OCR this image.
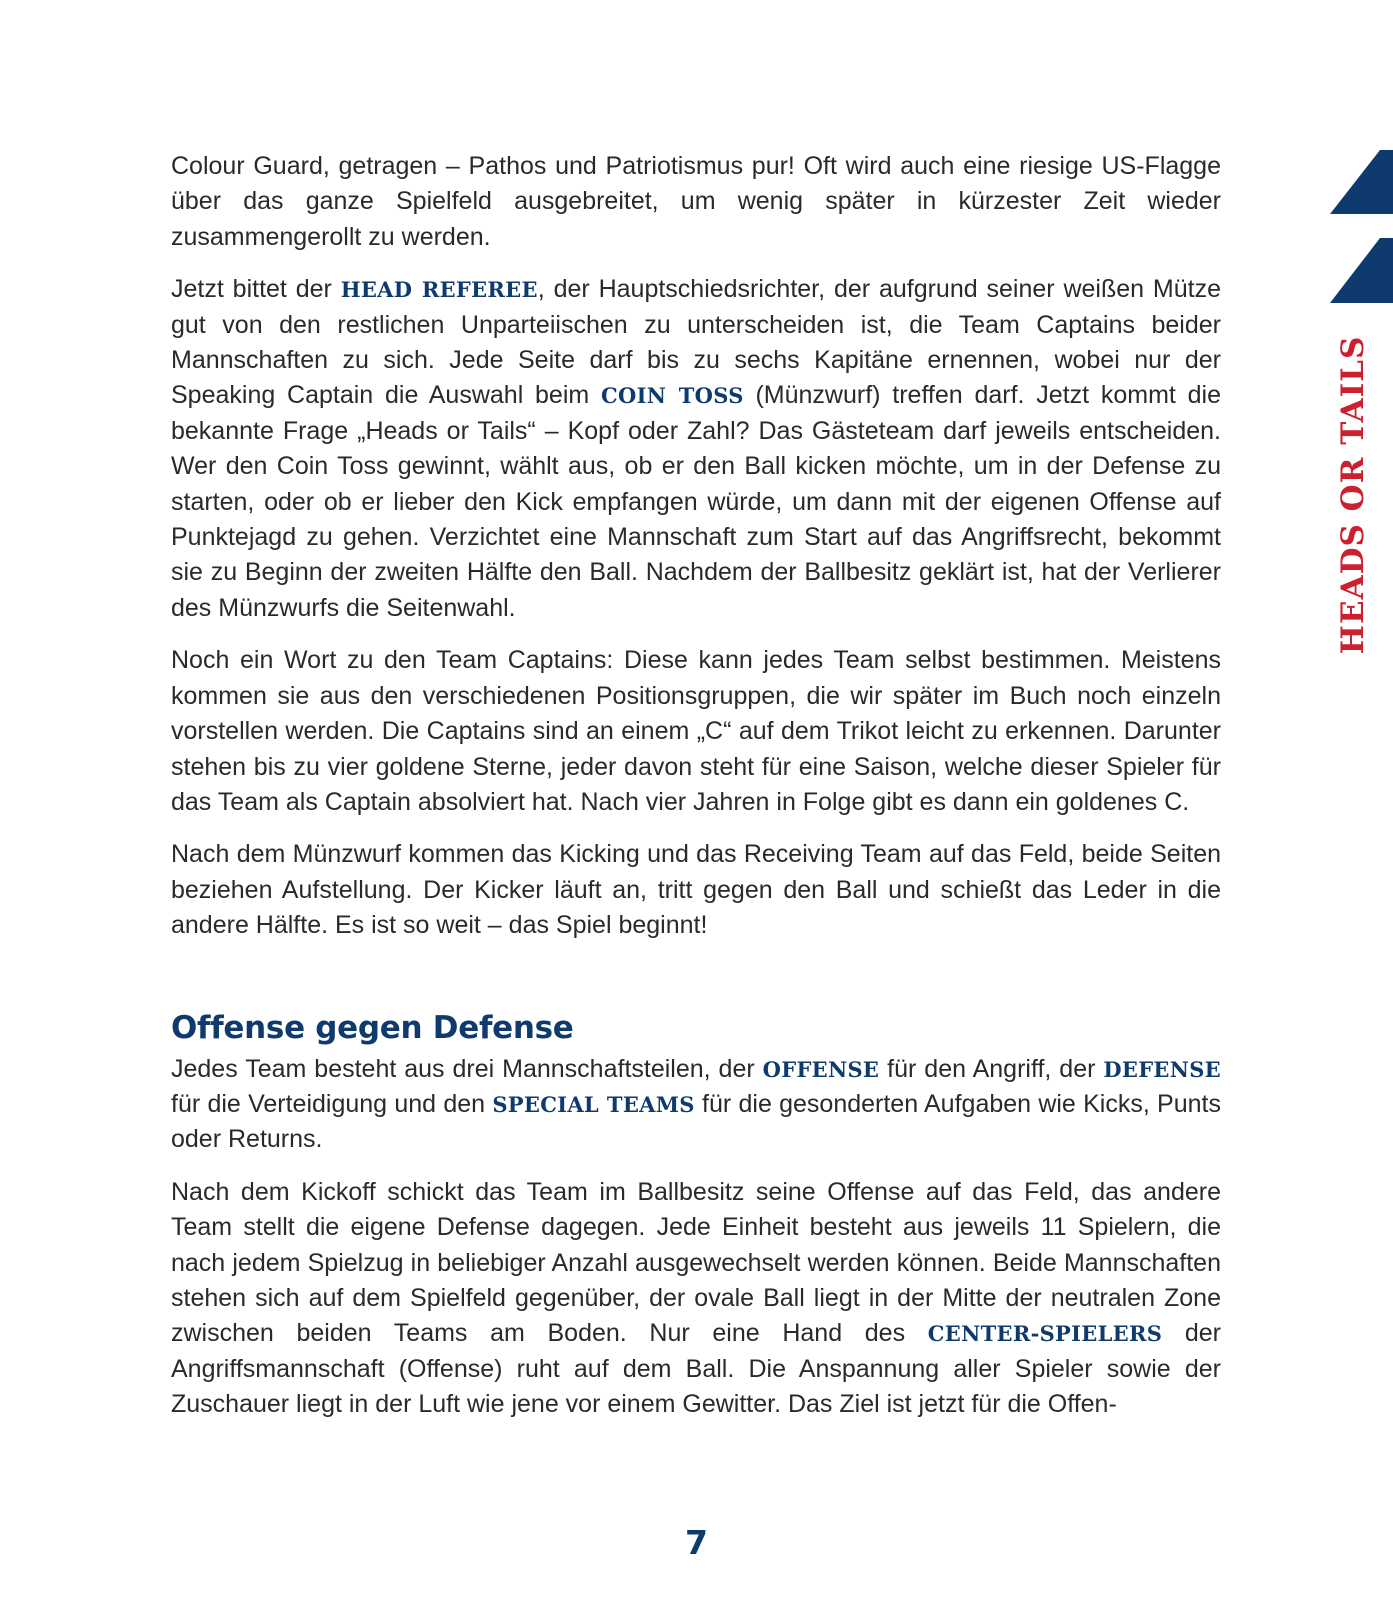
HEADS OR TAILS

Colour Guard, getragen – Pathos und Patriotismus pur! Oft wird auch eine riesige US-Flagge über das ganze Spielfeld ausgebreitet, um wenig später in kürzester Zeit wieder zusammengerollt zu werden.

Jetzt bittet der HEAD REFEREE, der Hauptschiedsrichter, der aufgrund seiner weißen Mütze gut von den restlichen Unparteiischen zu unterscheiden ist, die Team Captains beider Mannschaften zu sich. Jede Seite darf bis zu sechs Kapitäne ernennen, wobei nur der Speaking Captain die Auswahl beim COIN TOSS (Münzwurf) treffen darf. Jetzt kommt die bekannte Frage „Heads or Tails“ – Kopf oder Zahl? Das Gästeteam darf jeweils entscheiden. Wer den Coin Toss gewinnt, wählt aus, ob er den Ball kicken möchte, um in der Defense zu starten, oder ob er lieber den Kick empfangen würde, um dann mit der eigenen Offense auf Punktejagd zu gehen. Verzichtet eine Mannschaft zum Start auf das Angriffsrecht, bekommt sie zu Beginn der zweiten Hälfte den Ball. Nachdem der Ballbesitz geklärt ist, hat der Verlierer des Münzwurfs die Seitenwahl.

Noch ein Wort zu den Team Captains: Diese kann jedes Team selbst bestimmen. Meistens kommen sie aus den verschiedenen Positionsgruppen, die wir später im Buch noch einzeln vorstellen werden. Die Captains sind an einem „C“ auf dem Trikot leicht zu erkennen. Darunter stehen bis zu vier goldene Sterne, jeder davon steht für eine Saison, welche dieser Spieler für das Team als Captain absolviert hat. Nach vier Jahren in Folge gibt es dann ein goldenes C.

Nach dem Münzwurf kommen das Kicking und das Receiving Team auf das Feld, beide Seiten beziehen Aufstellung. Der Kicker läuft an, tritt gegen den Ball und schießt das Leder in die andere Hälfte. Es ist so weit – das Spiel beginnt!

Offense gegen Defense

Jedes Team besteht aus drei Mannschaftsteilen, der OFFENSE für den Angriff, der DEFENSE für die Verteidigung und den SPECIAL TEAMS für die gesonderten Aufgaben wie Kicks, Punts oder Returns.

Nach dem Kickoff schickt das Team im Ballbesitz seine Offense auf das Feld, das andere Team stellt die eigene Defense dagegen. Jede Einheit besteht aus jeweils 11 Spielern, die nach jedem Spielzug in beliebiger Anzahl ausgewechselt werden können. Beide Mannschaften stehen sich auf dem Spielfeld gegenüber, der ovale Ball liegt in der Mitte der neutralen Zone zwischen beiden Teams am Boden. Nur eine Hand des CENTER-SPIELERS der Angriffsmannschaft (Offense) ruht auf dem Ball. Die Anspannung aller Spieler sowie der Zuschauer liegt in der Luft wie jene vor einem Gewitter. Das Ziel ist jetzt für die Offen-

7
